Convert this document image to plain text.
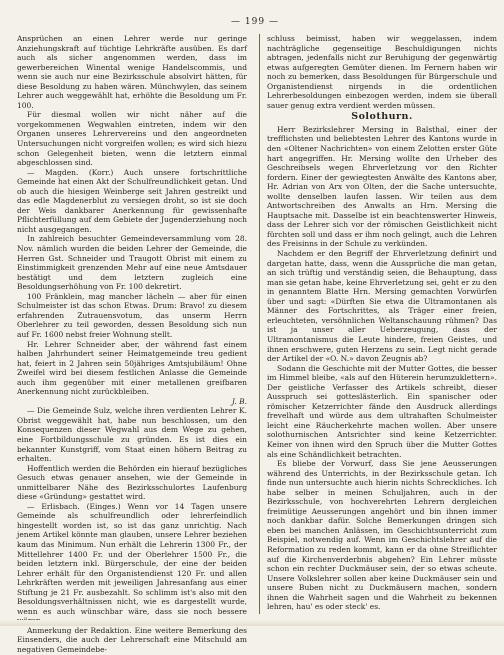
— 199 —

Ansprüchen an einen Lehrer werde nur geringe Anziehungskraft auf tüchtige Lehrkräfte ausüben. Es darf auch als sicher angenommen werden, dass im gewerbereichen Winental wenige Handelscommis, und wenn sie auch nur eine Bezirksschule absolvirt hätten, für diese Besoldung zu haben wären. Münchwylen, das seinem Lehrer auch weggewählt hat, erhöhte die Besoldung um Fr. 100.

Für diesmal wollen wir nicht näher auf die vorgekommenen Wegwahlen eintreten, indem wir den Organen unseres Lehrervereins und den angeordneten Untersuchungen nicht vorgreifen wollen; es wird sich hiezu schon Gelegenheit bieten, wenn die letztern einmal abgeschlossen sind.

— Magden. (Korr.) Auch unsere fortschrittliche Gemeinde hat einen Akt der Schulfreundlichkeit getan. Und ob auch die hiesigen Weinberge seit Jahren gestreikt und das edle Magdenerblut zu versiegen droht, so ist sie doch der Weis dankbarer Anerkennung für gewissenhafte Pflichterfüllung auf dem Gebiete der Jugenderziehung noch nicht ausgegangen.

In zahlreich besuchter Gemeindeversammlung vom 28. Nov. nämlich wurden die beiden Lehrer der Gemeinde, die Herren Gst. Schneider und Traugott Obrist mit einem zu Einstimmigkeit grenzenden Mehr auf eine neue Amtsdauer bestätigt und dem letztern zugleich eine Besoldungserhöhung von Fr. 100 dekretirt.

100 Fränklein, mag mancher lächeln — aber für einen Schulmeister ist das schon Etwas. Drum: Bravo! zu diesem erfahrenden Zutrauensvotum, das unserm Herrn Oberlehrer zu teil geworden, dessen Besoldung sich nun auf Fr. 1600 nebst freier Wohnung stellt.

Hr. Lehrer Schneider aber, der während fast einem halben Jahrhundert seiner Heimatgemeinde treu gedient hat, feiert in 2 Jahren sein 50jähriges Amtsjubiläum! Ohne Zweifel wird bei diesem festlichen Anlasse die Gemeinde auch ihm gegenüber mit einer metallenen greifbaren Anerkennung nicht zurückbleiben.

J. B.

— Die Gemeinde Sulz, welche ihren verdienten Lehrer K. Obrist weggewählt hat, habe nun beschlossen, um den Konsequenzen dieser Wegwahl aus dem Wege zu gehen, eine Fortbildungsschule zu gründen. Es ist dies ein bekannter Kunstgriff, vom Staat einen höhern Beitrag zu erhalten.

Hoffentlich werden die Behörden ein hierauf bezügliches Gesuch etwas genauer ansehen, wie der Gemeinde in unmittelbarer Nähe des Bezirksschulortes Laufenburg diese «Gründung» gestattet wird.

— Erlisbach. (Einges.) Wenn vor 14 Tagen unsere Gemeinde als schulfreundlich oder lehrerfeindlich hingestellt worden ist, so ist das ganz unrichtig. Nach jenem Artikel könnte man glauben, unsere Lehrer beziehen kaum das Minimum. Nun erhält die Lehrerin 1300 Fr., der Mittellehrer 1400 Fr. und der Oberlehrer 1500 Fr., die beiden letztern inkl. Bürgerschule, der eine der beiden Lehrer erhält für den Organistendienst 120 Fr. und allen Lehrkräften werden mit jeweiligen Jahresanfang aus einer Stiftung je 21 Fr. ausbezahlt. So schlimm ist's also mit den Besoldungsverhältnissen nicht, wie es dargestellt wurde, wenn es auch wünschbar wäre, dass sie noch bessere

Anmerkung der Redaktion. Eine weitere Bemerkung des Einsenders, die auch der Lehrerschaft eine Mitschuld am negativen Gemeindebe-

schluss beimisst, haben wir weggelassen, indem nachträgliche gegenseitige Beschuldigungen nichts abtragen, jedenfalls nicht zur Beruhigung der gegenwärtig etwas aufgeregten Gemüter dienen. Im Fernern haben wir noch zu bemerken, dass Besoldungen für Bürgerschule und Organistendienst nirgends in die ordentlichen Lehrerbesoldungen einbezogen werden, indem sie überall sauer genug extra verdient werden müssen.

Solothurn.

Herr Bezirkslehrer Mersing in Balsthal, einer der trefflichsten und beliebtesten Lehrer des Kantons wurde in den «Oltener Nachrichten» von einem Zelotten erster Güte hart angegriffen. Hr. Mersing wollte den Urheber des Geschreibsels wegen Ehrverletzung vor den Richter fordern. Einer der gewiegtesten Anwälte des Kantons aber, Hr. Adrian von Arx von Olten, der die Sache untersuchte, wollte denselben laufen lassen. Wir teilen aus dem Antwortschreiben des Anwalts an Hrn. Mersing die Hauptsache mit. Dasselbe ist ein beachtenswerter Hinweis, dass der Lehrer sich vor der römischen Geistlichkeit nicht fürchten soll und dass er ihm noch gelingt, auch die Lehren des Freisinns in der Schule zu verkünden.

Nachdem er den Begriff der Ehrverletzung definirt und dargetan hatte, dass, wenn die Aussprüche die man getan, an sich trüftig und verständig seien, die Behauptung, dass man sie getan habe, keine Ehrverletzung sei, geht er zu den in genanntem Blatte Hrn. Mersing gemachten Vorwürfen über und sagt: «Dürften Sie etwa die Ultramontanen als Männer des Fortschrittes, als Träger einer freien, erleuchteten, versöhnlichen Weltanschauung rühmen? Das ist ja unser aller Ueberzeugung, dass der Ultramontanismus die Leute hindere, freien Geistes, und ihnen erschwere, guten Herzens zu sein. Legt nicht gerade der Artikel der «O. N.» davon Zeugnis ab?

Sodann die Geschichte mit der Mutter Gottes, die besser im Himmel bleibe, «als auf den Hüterein herumzuklettern». Der geistliche Verfasser des Artikels schreibt, dieser Ausspruch sei gotteslästerlich. Ein spanischer oder römischer Ketzerrichter fände den Ausdruck allerdings frevelhaft und würde aus dem ultrahaften Schulmeister leicht eine Räucherkehrte machen wollen. Aber unsere solothurnischen Antsrichter sind keine Ketzerrichter. Keiner von ihnen wird den Spruch über die Mutter Gottes als eine Schändlichkeit betrachten.

Es bliebe der Vorwurf, dass Sie jene Aeusserungen während des Unterrichts, in der Bezirksschule getan. Ich finde nun untersuchte auch hierin nichts Schreckliches. Ich habe selber in meinen Schuljahren, auch in der Bezirksschule, von hochverehrten Lehrern dergleichen freimütige Aeusserungen angehört und bin ihnen immer noch dankbar dafür. Solche Bemerkungen dringen sich eben bei manchen Anlässen, im Geschichtsunterricht zum Beispiel, notwendig auf. Wenn im Geschichtslehrer auf die Reformation zu reden kommt, kann er da ohne Streiflichter auf die Kirchenverderbnis abgehen? Ein Lehrer müsste schon ein rechter Duckmäuser sein, der so etwas scheute. Unsere Volkslehrer sollen aber keine Duckmäuser sein und unsere Buben nicht zu Duckmäusern machen, sondern ihnen die Wahrheit sagen und die Wahrheit zu bekennen lehren, hau' es oder steck' es.
